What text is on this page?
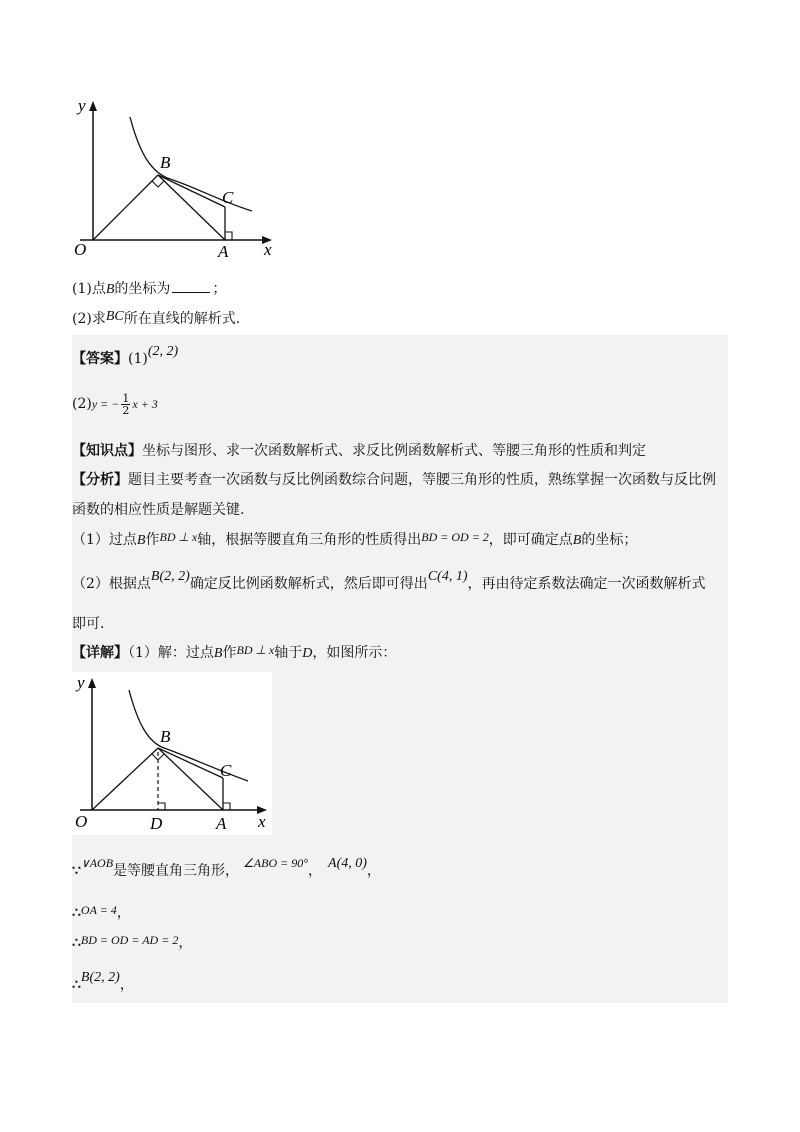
y
x
O	A
B
C
(1)点B的坐标为	；
(2)求BC所在直线的解析式.
【答案】(1)(2, 2)
(2)y = − $\frac{1}{2}$ x + 3
【知识点】坐标与图形、求一次函数解析式、求反比例函数解析式、等腰三角形的性质和判定
【分析】题目主要考查一次函数与反比例函数综合问题，等腰三角形的性质，熟练掌握一次函数与反比例
函数的相应性质是解题关键.
（1）过点B作BD ⊥ x轴，根据等腰直角三角形的性质得出BD = OD = 2，即可确定点B的坐标；
（2）根据点B(2, 2)确定反比例函数解析式，然后即可得出C(4, 1)，再由待定系数法确定一次函数解析式
即可.
【详解】（1）解：过点B作BD ⊥ x轴于D，如图所示：
y
x
O	D	A
B
C
∵∨AOB是等腰直角三角形， ∠ABO = 90°， A(4, 0)，
∴OA = 4，
∴BD = OD = AD = 2，
∴B(2, 2)，
